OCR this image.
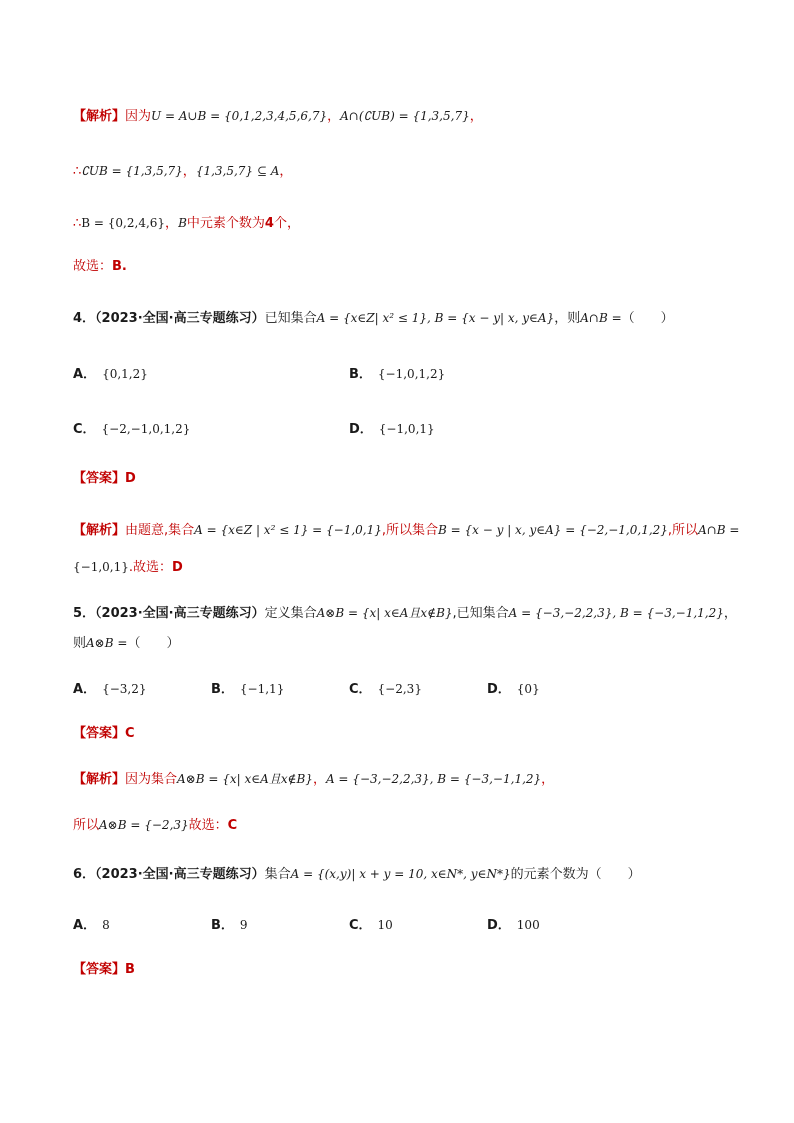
【解析】因为U = A∪B = {0,1,2,3,4,5,6,7}，A∩(∁UB) = {1,3,5,7}，
∴∁UB = {1,3,5,7}，{1,3,5,7} ⊆ A，
∴B = {0,2,4,6}，B中元素个数为4个，
故选：B.
4．（2023·全国·高三专题练习）已知集合A = {x∈Z| x² ≤ 1}, B = {x − y| x, y∈A}，则A∩B =（　　）
A． {0,1,2}	B． {−1,0,1,2}
C． {−2,−1,0,1,2}	D． {−1,0,1}
【答案】D
【解析】由题意,集合A = {x∈Z | x² ≤ 1} = {−1,0,1},所以集合B = {x − y | x, y∈A} = {−2,−1,0,1,2},所以A∩B =
{−1,0,1}.故选：D
5．（2023·全国·高三专题练习）定义集合A⊗B = {x| x∈A且x∉B},已知集合A = {−3,−2,2,3}, B = {−3,−1,1,2}，
则A⊗B =（　　）
A． {−3,2}	B． {−1,1}	C． {−2,3}	D． {0}
【答案】C
【解析】因为集合A⊗B = {x| x∈A且x∉B}，A = {−3,−2,2,3}, B = {−3,−1,1,2}，
所以A⊗B = {−2,3}故选：C
6．（2023·全国·高三专题练习）集合A = {(x,y)| x + y = 10, x∈N*, y∈N*}的元素个数为（　　）
A． 8	B． 9	C． 10	D． 100
【答案】B
